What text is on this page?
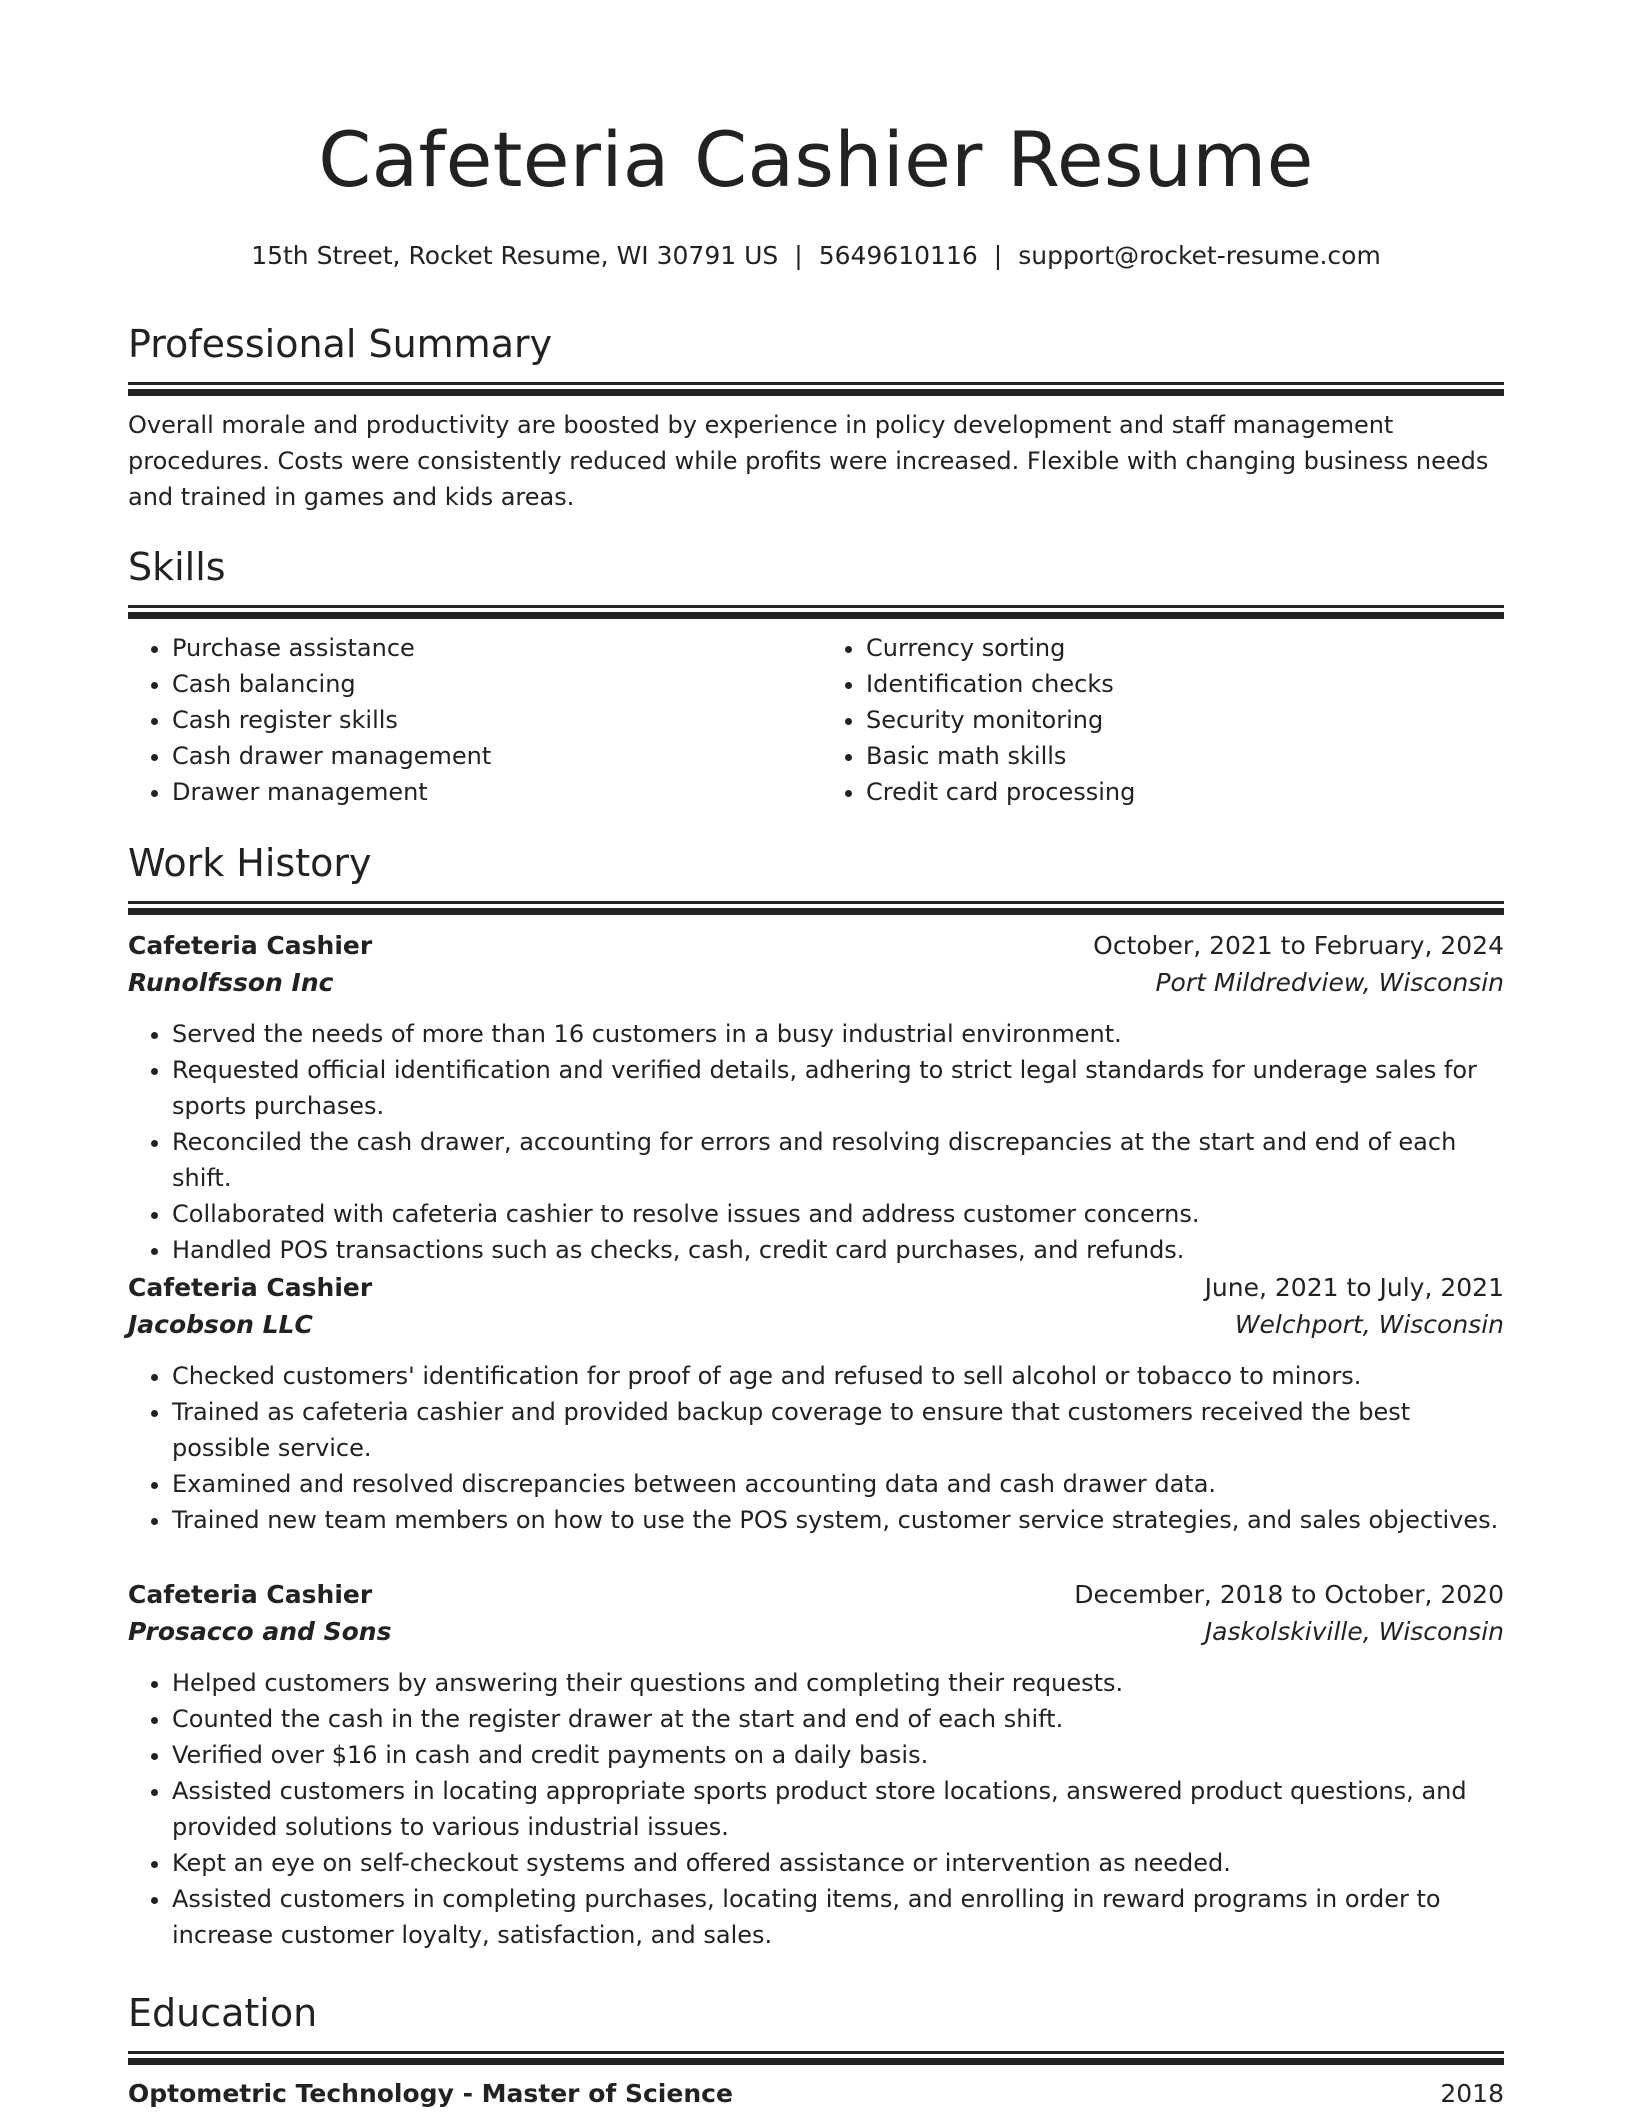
Cafeteria Cashier Resume
15th Street, Rocket Resume, WI 30791 US | 5649610116 | support@rocket-resume.com
Professional Summary
Overall morale and productivity are boosted by experience in policy development and staff management procedures. Costs were consistently reduced while profits were increased. Flexible with changing business needs and trained in games and kids areas.
Skills
• Purchase assistance
• Cash balancing
• Cash register skills
• Cash drawer management
• Drawer management
• Currency sorting
• Identification checks
• Security monitoring
• Basic math skills
• Credit card processing
Work History
Cafeteria Cashier	October, 2021 to February, 2024
Runolfsson Inc	Port Mildredview, Wisconsin
• Served the needs of more than 16 customers in a busy industrial environment.
• Requested official identification and verified details, adhering to strict legal standards for underage sales for sports purchases.
• Reconciled the cash drawer, accounting for errors and resolving discrepancies at the start and end of each shift.
• Collaborated with cafeteria cashier to resolve issues and address customer concerns.
• Handled POS transactions such as checks, cash, credit card purchases, and refunds.
Cafeteria Cashier	June, 2021 to July, 2021
Jacobson LLC	Welchport, Wisconsin
• Checked customers' identification for proof of age and refused to sell alcohol or tobacco to minors.
• Trained as cafeteria cashier and provided backup coverage to ensure that customers received the best possible service.
• Examined and resolved discrepancies between accounting data and cash drawer data.
• Trained new team members on how to use the POS system, customer service strategies, and sales objectives.
Cafeteria Cashier	December, 2018 to October, 2020
Prosacco and Sons	Jaskolskiville, Wisconsin
• Helped customers by answering their questions and completing their requests.
• Counted the cash in the register drawer at the start and end of each shift.
• Verified over $16 in cash and credit payments on a daily basis.
• Assisted customers in locating appropriate sports product store locations, answered product questions, and provided solutions to various industrial issues.
• Kept an eye on self-checkout systems and offered assistance or intervention as needed.
• Assisted customers in completing purchases, locating items, and enrolling in reward programs in order to increase customer loyalty, satisfaction, and sales.
Education
Optometric Technology - Master of Science	2018
